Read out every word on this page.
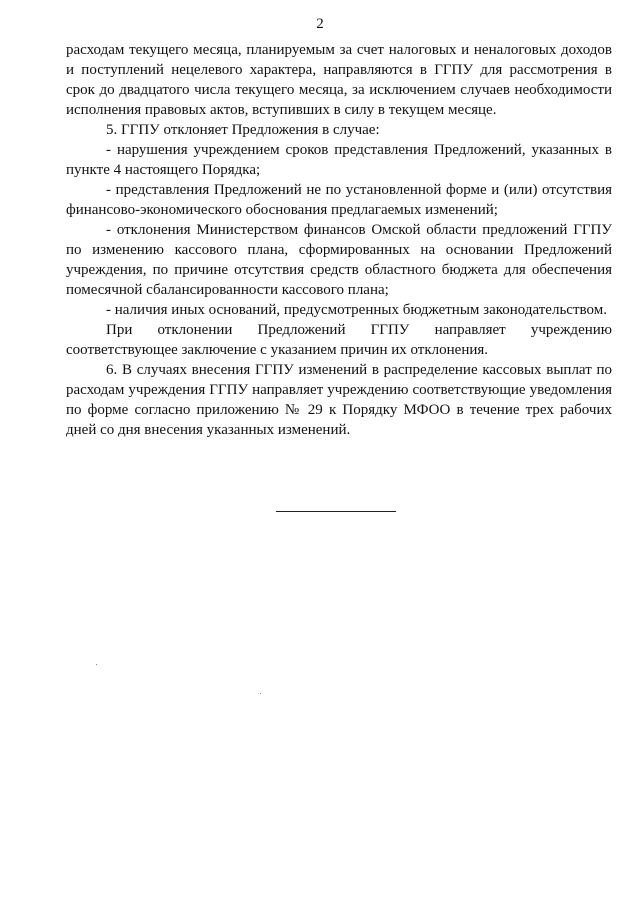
2

расходам текущего месяца, планируемым за счет налоговых и неналоговых доходов и поступлений нецелевого характера, направляются в ГГПУ для рассмотрения в срок до двадцатого числа текущего месяца, за исключением случаев необходимости исполнения правовых актов, вступивших в силу в текущем месяце.

5. ГГПУ отклоняет Предложения в случае:

- нарушения учреждением сроков представления Предложений, указанных в пункте 4 настоящего Порядка;

- представления Предложений не по установленной форме и (или) отсутствия финансово-экономического обоснования предлагаемых изменений;

- отклонения Министерством финансов Омской области предложений ГГПУ по изменению кассового плана, сформированных на основании Предложений учреждения, по причине отсутствия средств областного бюджета для обеспечения помесячной сбалансированности кассового плана;

- наличия иных оснований, предусмотренных бюджетным законодательством.

При отклонении Предложений ГГПУ направляет учреждению соответствующее заключение с указанием причин их отклонения.

6. В случаях внесения ГГПУ изменений в распределение кассовых выплат по расходам учреждения ГГПУ направляет учреждению соответствующие уведомления по форме согласно приложению № 29 к Порядку МФОО в течение трех рабочих дней со дня внесения указанных изменений.
